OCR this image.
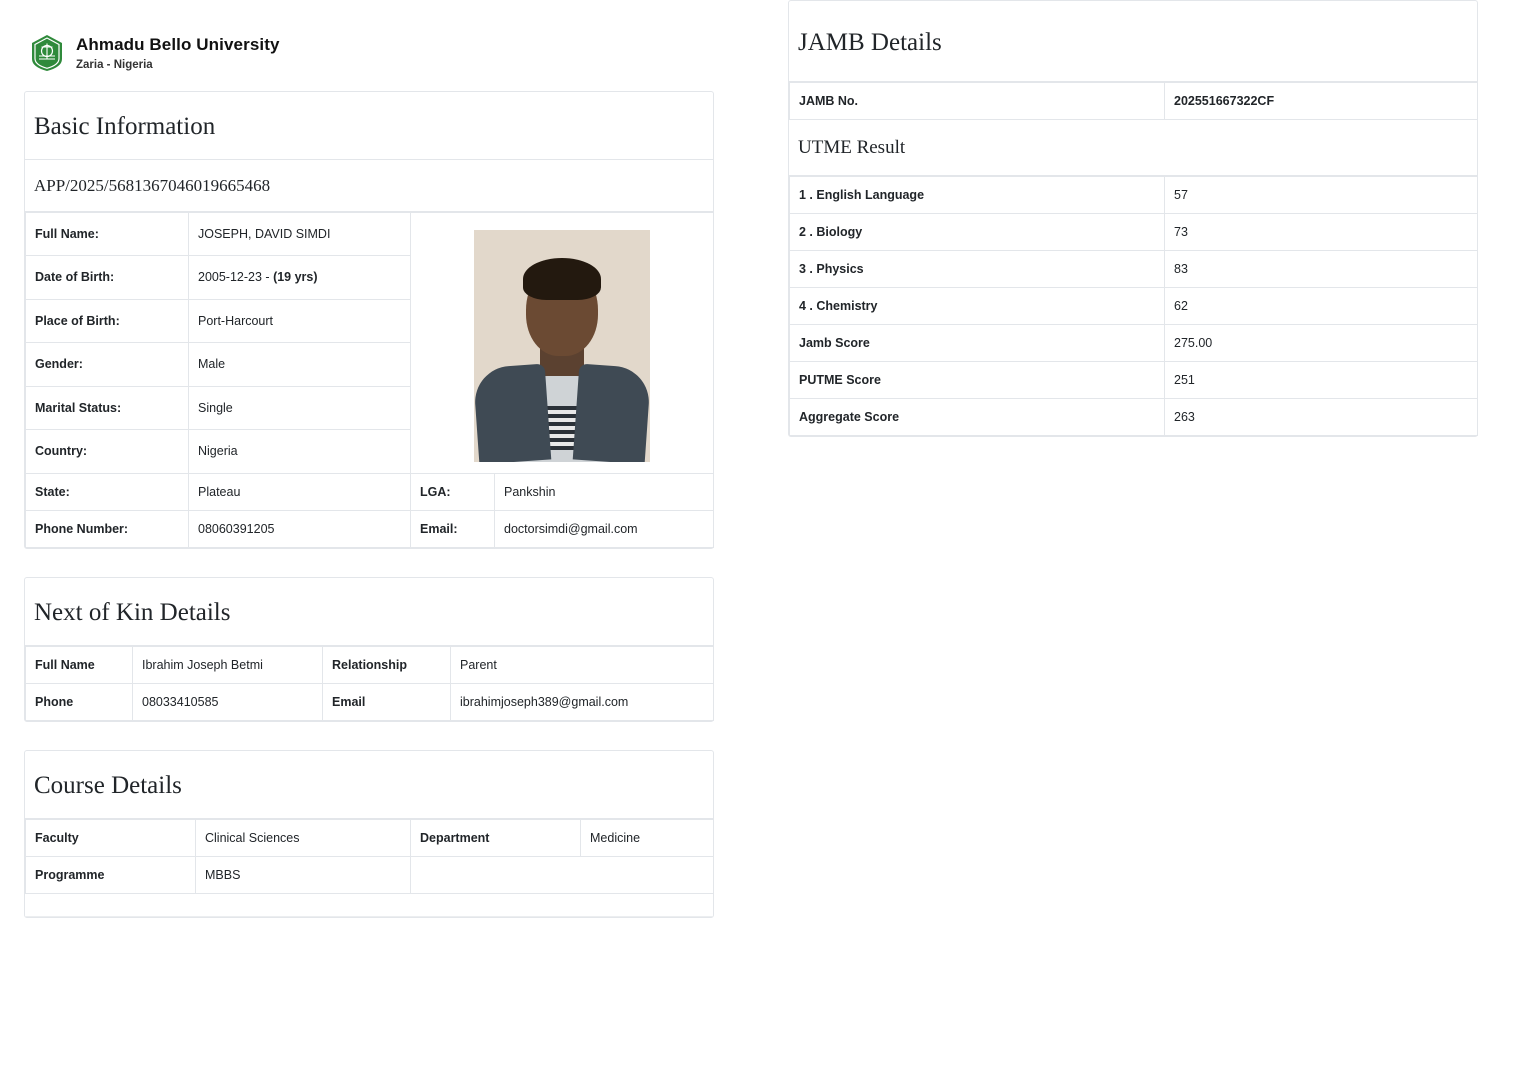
Ahmadu Bello University
Zaria - Nigeria
Basic Information
APP/2025/5681367046019665468
Full Name:	JOSEPH, DAVID SIMDI		

Date of Birth:	2005-12-23 - (19 yrs)		
Place of Birth:	Port-Harcourt		
Gender:	Male		
Marital Status:	Single		
Country:	Nigeria		
State:	Plateau	LGA:	Pankshin
Phone Number:	08060391205	Email:	doctorsimdi@gmail.com
Next of Kin Details
Full Name	Ibrahim Joseph Betmi	Relationship	Parent
Phone	08033410585	Email	ibrahimjoseph389@gmail.com
Course Details
Faculty	Clinical Sciences	Department	Medicine
Programme	MBBS		
JAMB Details
JAMB No.	202551667322CF
UTME Result
1 . English Language	57
2 . Biology	73
3 . Physics	83
4 . Chemistry	62
Jamb Score	275.00
PUTME Score	251
Aggregate Score	263
